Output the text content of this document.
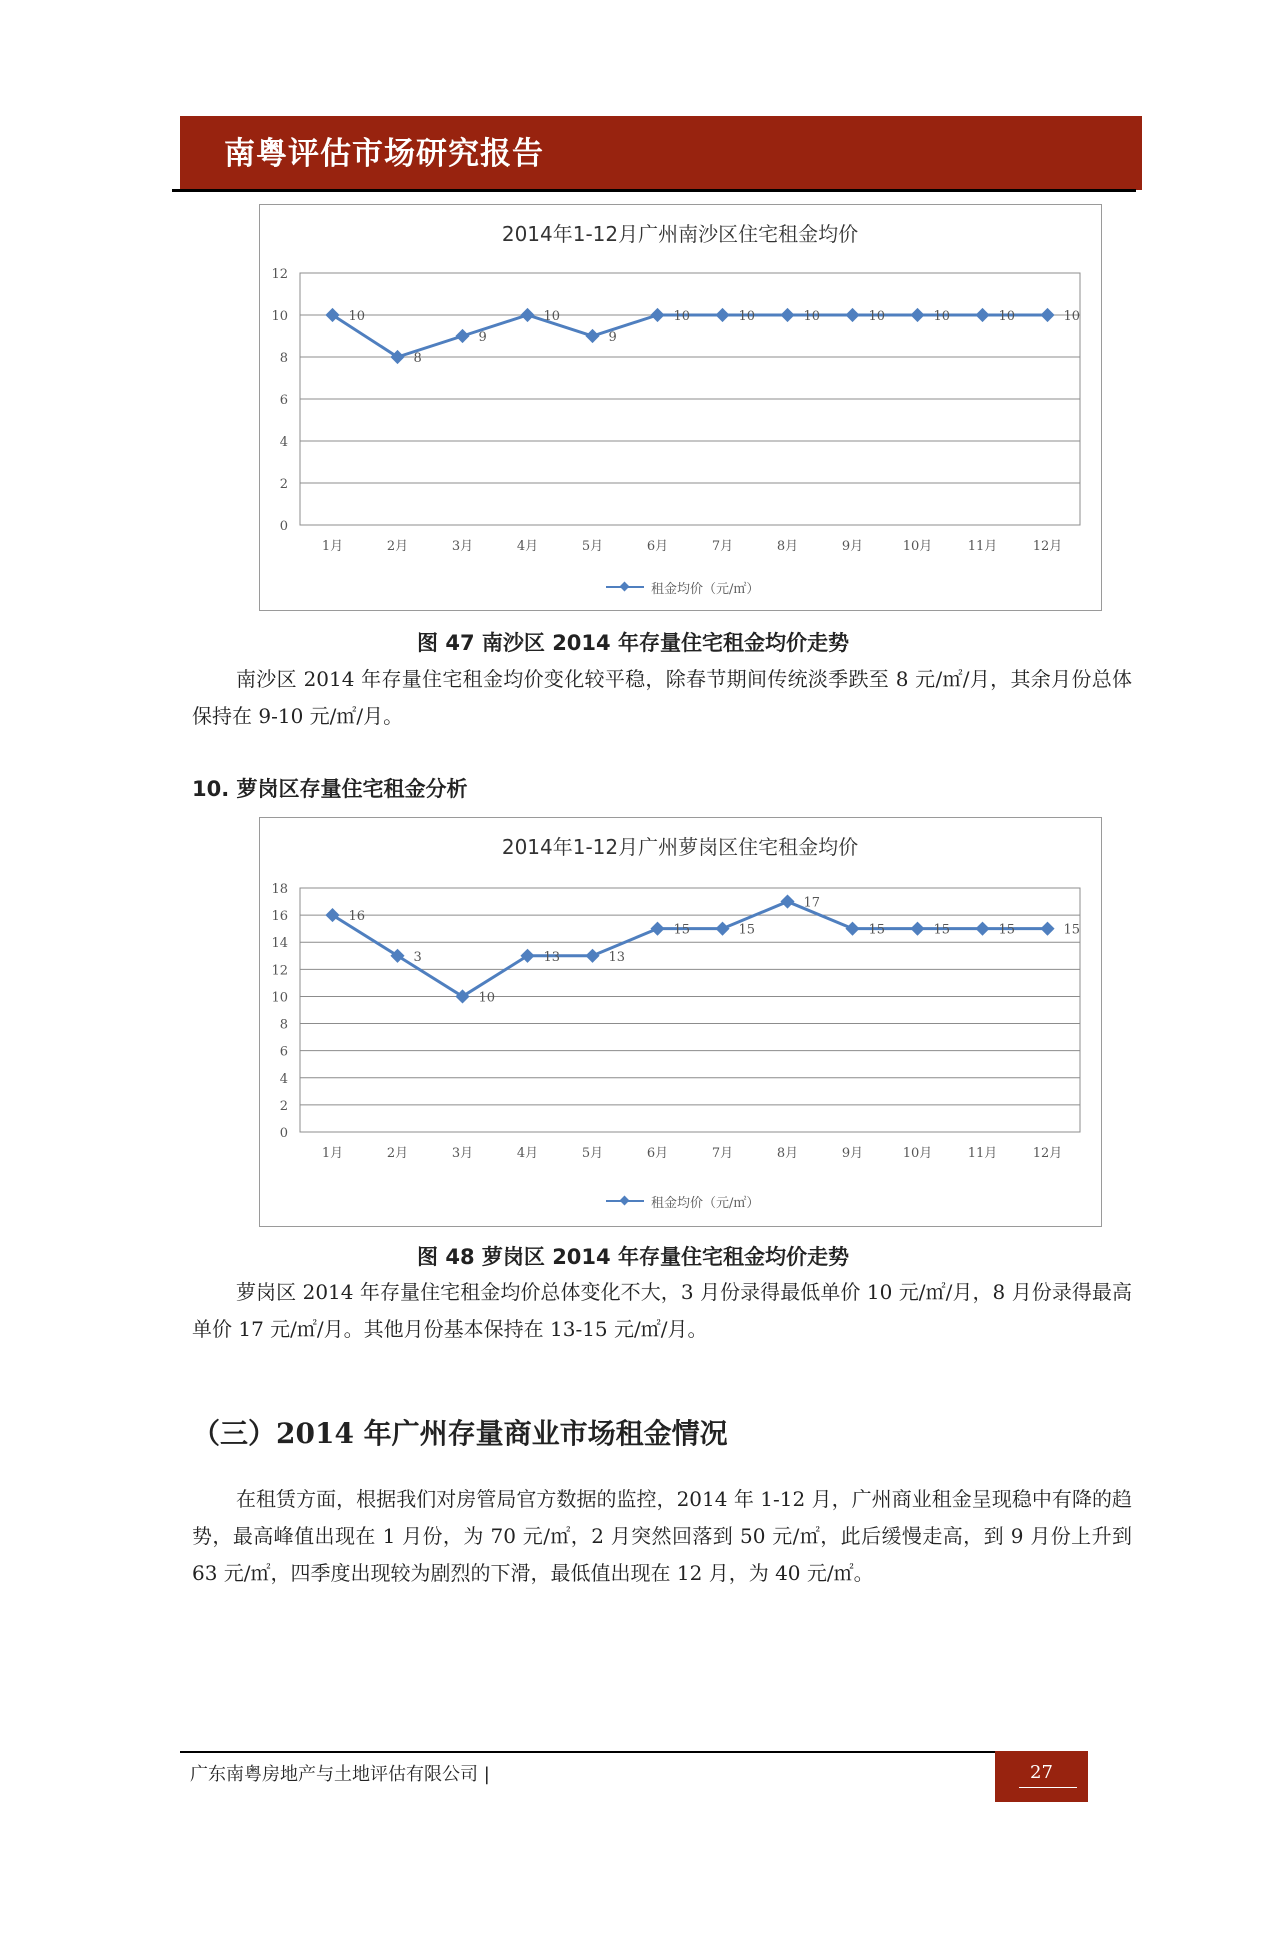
南粤评估市场研究报告
2014年1-12月广州南沙区住宅租金均价
租金均价（元/㎡）
0
2
4
6
8
10
12
1月	2月	3月	4月	5月	6月	7月	8月	9月	10月	11月	12月
10
8
9
10
9
10	10	10	10	10	10	10
图 47 南沙区 2014 年存量住宅租金均价走势

南沙区 2014 年存量住宅租金均价变化较平稳，除春节期间传统淡季跌至 8 元/㎡/月，其余月份总体保持在 9-10 元/㎡/月。

10. 萝岗区存量住宅租金分析
2014年1-12月广州萝岗区住宅租金均价
租金均价（元/㎡）
0
2
4
6
8
10
12
14
16
18
1月	2月	3月	4月	5月	6月	7月	8月	9月	10月	11月	12月
16
3
10
13	13
15	15
17
15	15	15	15
图 48 萝岗区 2014 年存量住宅租金均价走势

萝岗区 2014 年存量住宅租金均价总体变化不大，3 月份录得最低单价 10 元/㎡/月，8 月份录得最高单价 17 元/㎡/月。其他月份基本保持在 13-15 元/㎡/月。

（三）2014 年广州存量商业市场租金情况

在租赁方面，根据我们对房管局官方数据的监控，2014 年 1-12 月，广州商业租金呈现稳中有降的趋势，最高峰值出现在 1 月份，为 70 元/㎡，2 月突然回落到 50 元/㎡，此后缓慢走高，到 9 月份上升到 63 元/㎡，四季度出现较为剧烈的下滑，最低值出现在 12 月，为 40 元/㎡。

广东南粤房地产与土地评估有限公司 |	27
